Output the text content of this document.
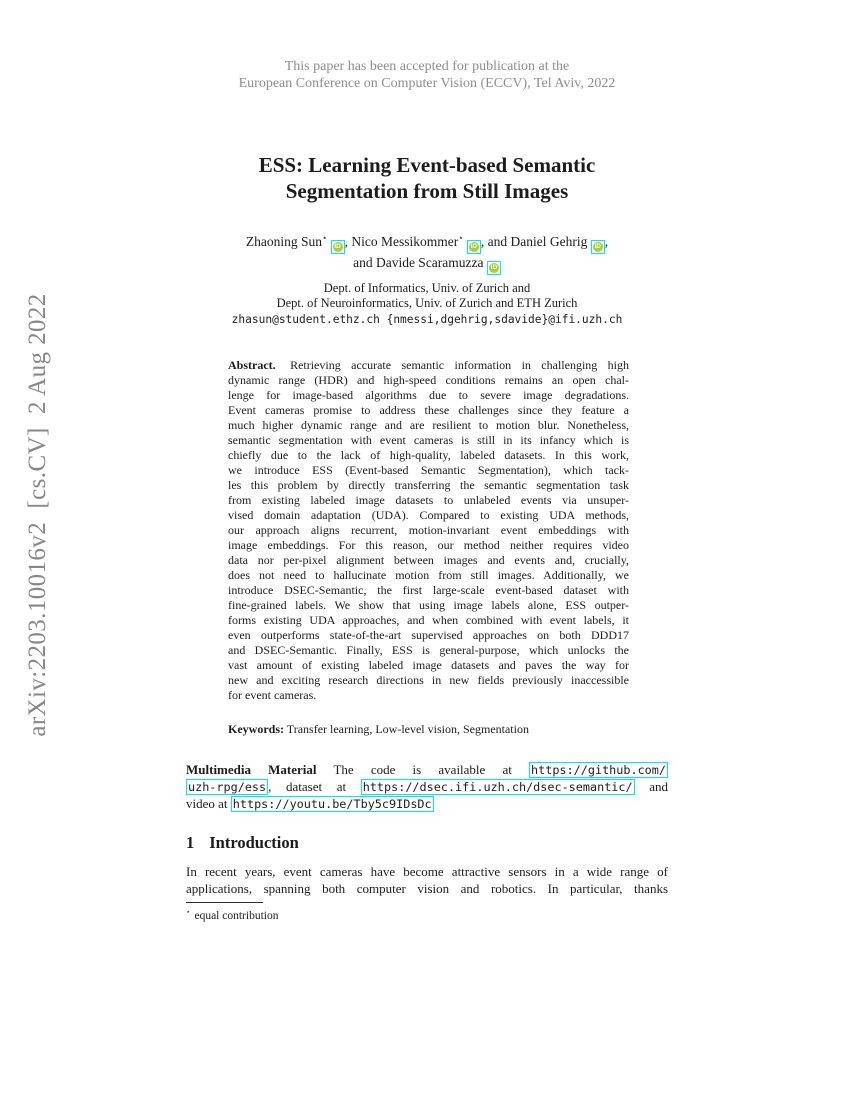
This paper has been accepted for publication at the
European Conference on Computer Vision (ECCV), Tel Aviv, 2022
arXiv:2203.10016v2  [cs.CV]  2 Aug 2022
ESS: Learning Event-based Semantic
Segmentation from Still Images
Zhaoning Sun⋆ iD , Nico Messikommer⋆ iD , and Daniel Gehrig iD ,
and Davide Scaramuzza iD
Dept. of Informatics, Univ. of Zurich and
Dept. of Neuroinformatics, Univ. of Zurich and ETH Zurich
zhasun@student.ethz.ch {nmessi,dgehrig,sdavide}@ifi.uzh.ch
Abstract. Retrieving accurate semantic information in challenging high
dynamic range (HDR) and high-speed conditions remains an open chal-
lenge for image-based algorithms due to severe image degradations.
Event cameras promise to address these challenges since they feature a
much higher dynamic range and are resilient to motion blur. Nonetheless,
semantic segmentation with event cameras is still in its infancy which is
chiefly due to the lack of high-quality, labeled datasets. In this work,
we introduce ESS (Event-based Semantic Segmentation), which tack-
les this problem by directly transferring the semantic segmentation task
from existing labeled image datasets to unlabeled events via unsuper-
vised domain adaptation (UDA). Compared to existing UDA methods,
our approach aligns recurrent, motion-invariant event embeddings with
image embeddings. For this reason, our method neither requires video
data nor per-pixel alignment between images and events and, crucially,
does not need to hallucinate motion from still images. Additionally, we
introduce DSEC-Semantic, the first large-scale event-based dataset with
fine-grained labels. We show that using image labels alone, ESS outper-
forms existing UDA approaches, and when combined with event labels, it
even outperforms state-of-the-art supervised approaches on both DDD17
and DSEC-Semantic. Finally, ESS is general-purpose, which unlocks the
vast amount of existing labeled image datasets and paves the way for
new and exciting research directions in new fields previously inaccessible
for event cameras.
Keywords: Transfer learning, Low-level vision, Segmentation
Multimedia Material The code is available at https://github.com/
uzh-rpg/ess , dataset at https://dsec.ifi.uzh.ch/dsec-semantic/ and
video at https://youtu.be/Tby5c9IDsDc
1 Introduction
In recent years, event cameras have become attractive sensors in a wide range of
applications, spanning both computer vision and robotics. In particular, thanks
⋆ equal contribution
